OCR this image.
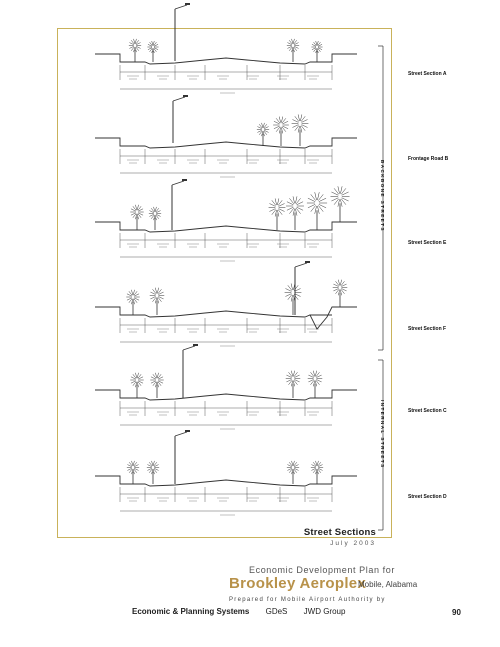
Street Section A
Frontage Road B
Street Section E
Street Section F
Street Section C
Street Section D
BACKBONE STREETS
INTERNAL STREETS
Street Sections
July 2003
Economic Development Plan for
Brookley Aeroplex
Mobile, Alabama
Prepared for Mobile Airport Authority by
Economic & Planning Systems GDeS JWD Group	90
